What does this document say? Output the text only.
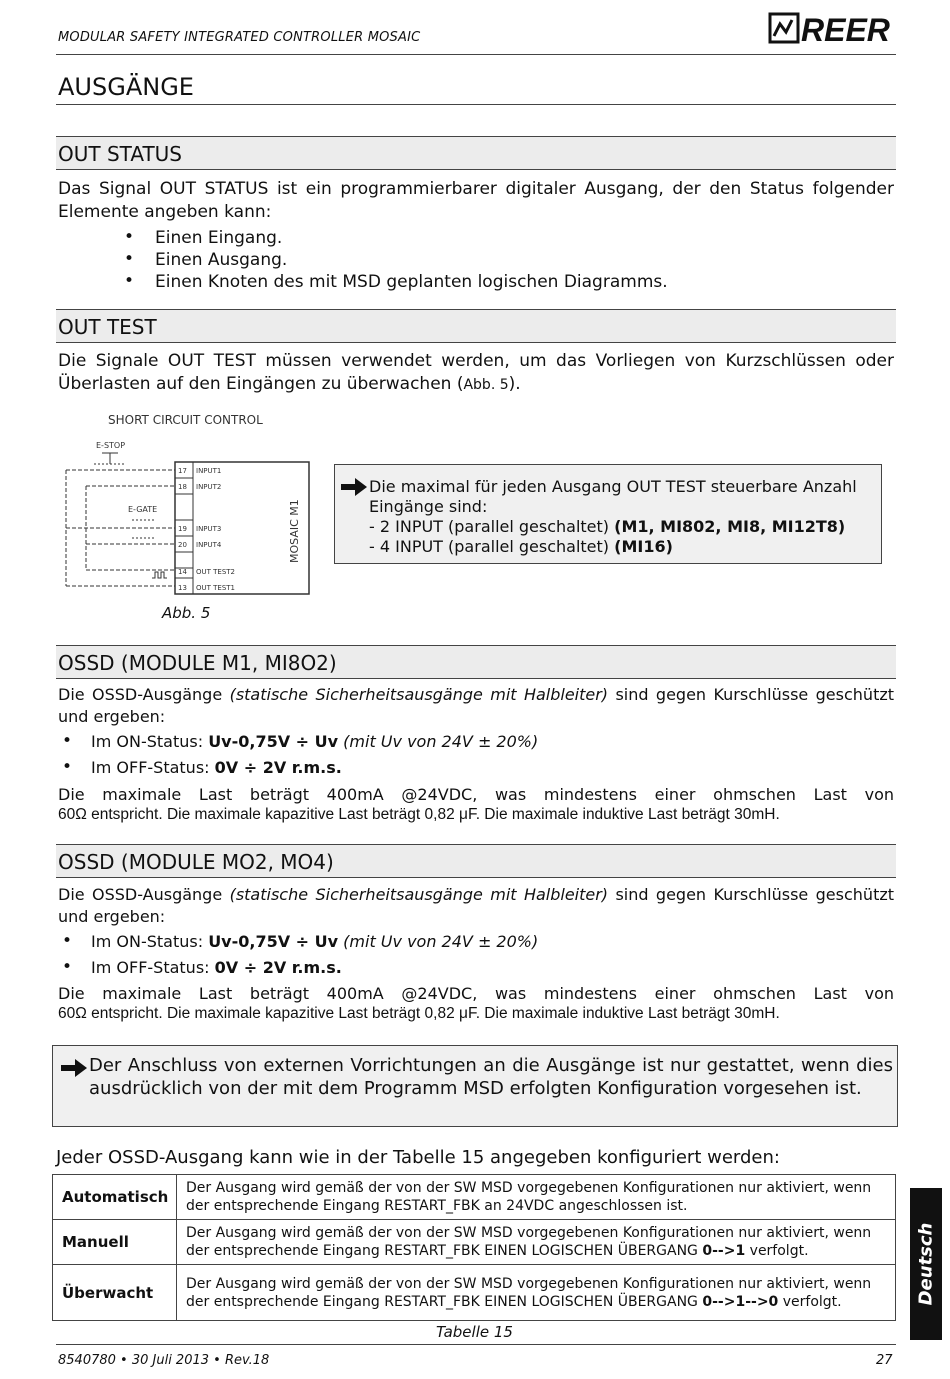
MODULAR SAFETY INTEGRATED CONTROLLER MOSAIC	REER
AUSGÄNGE
OUT STATUS
Das Signal OUT STATUS ist ein programmierbarer digitaler Ausgang, der den Status folgender Elemente angeben kann:
• Einen Eingang.
• Einen Ausgang.
• Einen Knoten des mit MSD geplanten logischen Diagramms.
OUT TEST
Die Signale OUT TEST müssen verwendet werden, um das Vorliegen von Kurzschlüssen oder Überlasten auf den Eingängen zu überwachen (Abb. 5).
SHORT CIRCUIT CONTROL
E-STOP
E-GATE
17 INPUT1
18 INPUT2
19 INPUT3
20 INPUT4
14 OUT TEST2
13 OUT TEST1
MOSAIC M1
Abb. 5
Die maximal für jeden Ausgang OUT TEST steuerbare Anzahl Eingänge sind:
- 2 INPUT (parallel geschaltet) (M1, MI802, MI8, MI12T8)
- 4 INPUT (parallel geschaltet) (MI16)
OSSD (MODULE M1, MI8O2)
Die OSSD-Ausgänge (statische Sicherheitsausgänge mit Halbleiter) sind gegen Kurschlüsse geschützt und ergeben:
• Im ON-Status: Uv-0,75V ÷ Uv (mit Uv von 24V ± 20%)
• Im OFF-Status: 0V ÷ 2V r.m.s.
Die maximale Last beträgt 400mA @24VDC, was mindestens einer ohmschen Last von
60Ω entspricht. Die maximale kapazitive Last beträgt 0,82 μF. Die maximale induktive Last beträgt 30mH.
OSSD (MODULE MO2, MO4)
Die OSSD-Ausgänge (statische Sicherheitsausgänge mit Halbleiter) sind gegen Kurschlüsse geschützt und ergeben:
• Im ON-Status: Uv-0,75V ÷ Uv (mit Uv von 24V ± 20%)
• Im OFF-Status: 0V ÷ 2V r.m.s.
Die maximale Last beträgt 400mA @24VDC, was mindestens einer ohmschen Last von
60Ω entspricht. Die maximale kapazitive Last beträgt 0,82 μF. Die maximale induktive Last beträgt 30mH.
Der Anschluss von externen Vorrichtungen an die Ausgänge ist nur gestattet, wenn dies ausdrücklich von der mit dem Programm MSD erfolgten Konfiguration vorgesehen ist.
Jeder OSSD-Ausgang kann wie in der Tabelle 15 angegeben konfiguriert werden:
Automatisch	Der Ausgang wird gemäß der von der SW MSD vorgegebenen Konfigurationen nur aktiviert, wenn der entsprechende Eingang RESTART_FBK an 24VDC angeschlossen ist.
Manuell	Der Ausgang wird gemäß der von der SW MSD vorgegebenen Konfigurationen nur aktiviert, wenn der entsprechende Eingang RESTART_FBK EINEN LOGISCHEN ÜBERGANG 0-->1 verfolgt.
Überwacht	Der Ausgang wird gemäß der von der SW MSD vorgegebenen Konfigurationen nur aktiviert, wenn der entsprechende Eingang RESTART_FBK EINEN LOGISCHEN ÜBERGANG 0-->1-->0 verfolgt.
Tabelle 15
8540780 • 30 Juli 2013 • Rev.18	27
Deutsch
